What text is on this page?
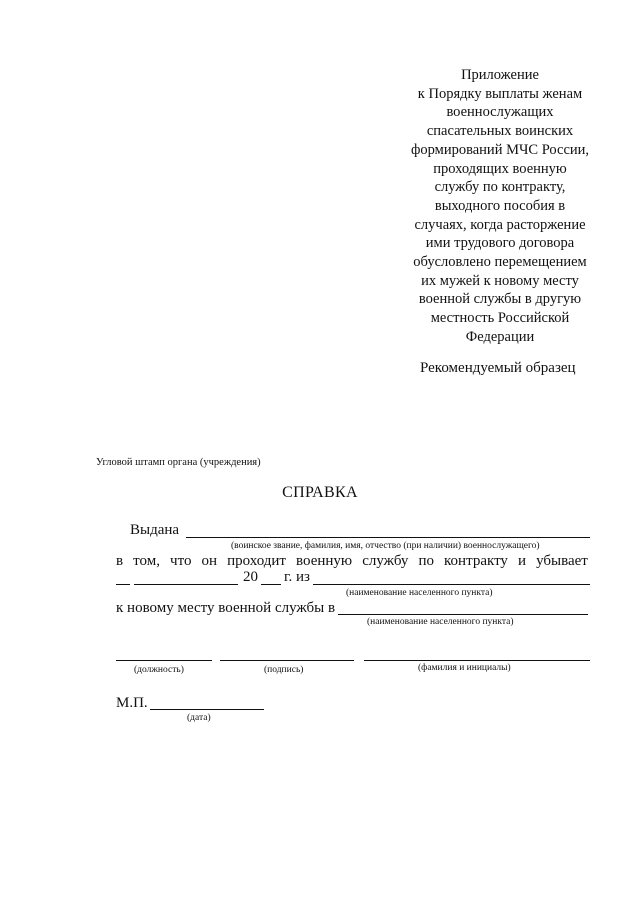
Приложение
к Порядку выплаты женам
военнослужащих
спасательных воинских
формирований МЧС России,
проходящих военную
службу по контракту,
выходного пособия в
случаях, когда расторжение
ими трудового договора
обусловлено перемещением
их мужей к новому месту
военной службы в другую
местность Российской
Федерации
Рекомендуемый образец
Угловой штамп органа (учреждения)
СПРАВКА
Выдана
(воинское звание, фамилия, имя, отчество (при наличии) военнослужащего)
в том, что он проходит военную службу по контракту и убывает
20 г. из
(наименование населенного пункта)
к новому месту военной службы в
(наименование населенного пункта)
(должность)	(подпись)	(фамилия и инициалы)
М.П.
(дата)
